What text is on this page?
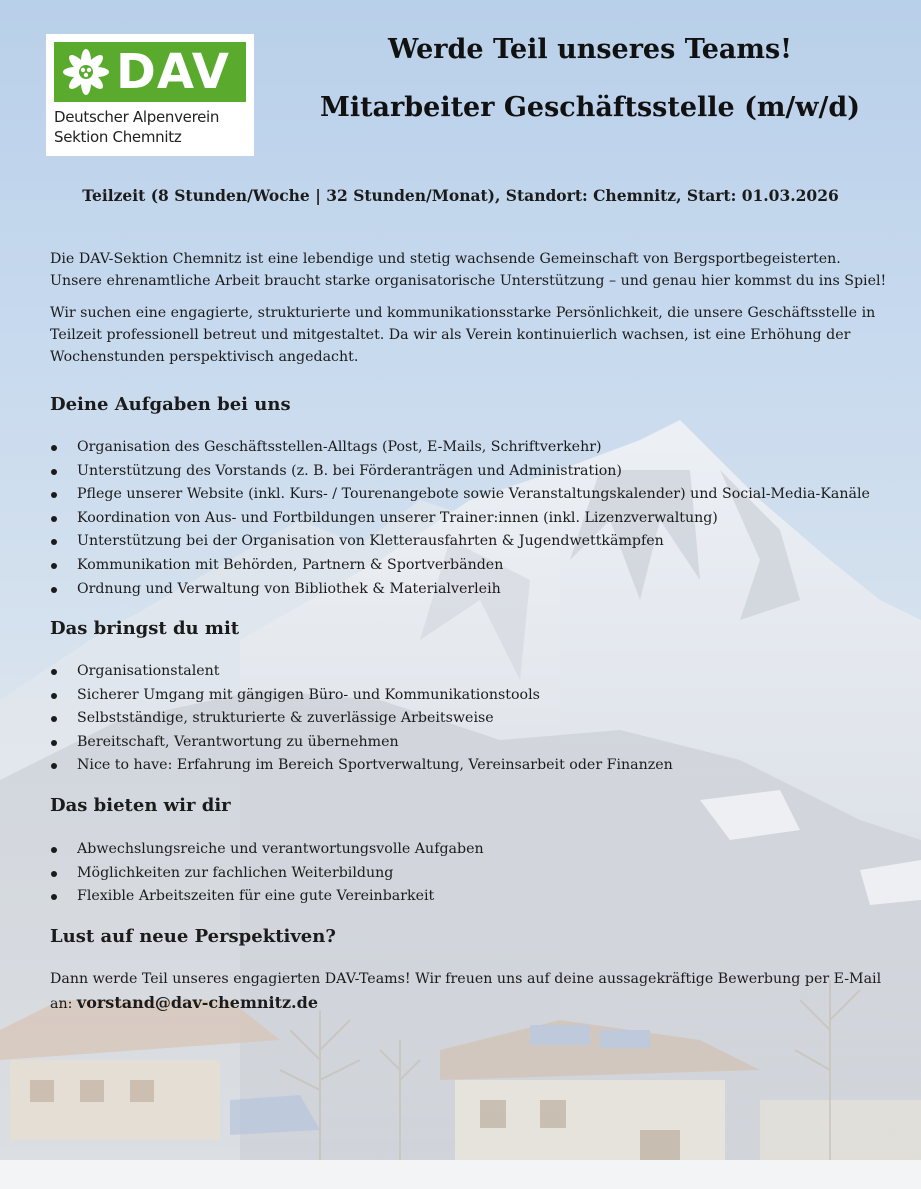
DAV
Deutscher Alpenverein
Sektion Chemnitz
Werde Teil unseres Teams!
Mitarbeiter Geschäftsstelle (m/w/d)
Teilzeit (8 Stunden/Woche | 32 Stunden/Monat), Standort: Chemnitz, Start: 01.03.2026
Die DAV-Sektion Chemnitz ist eine lebendige und stetig wachsende Gemeinschaft von Bergsportbegeisterten. Unsere ehrenamtliche Arbeit braucht starke organisatorische Unterstützung – und genau hier kommst du ins Spiel!
Wir suchen eine engagierte, strukturierte und kommunikationsstarke Persönlichkeit, die unsere Geschäftsstelle in Teilzeit professionell betreut und mitgestaltet. Da wir als Verein kontinuierlich wachsen, ist eine Erhöhung der Wochenstunden perspektivisch angedacht.
Deine Aufgaben bei uns
Organisation des Geschäftsstellen-Alltags (Post, E-Mails, Schriftverkehr)
Unterstützung des Vorstands (z. B. bei Förderanträgen und Administration)
Pflege unserer Website (inkl. Kurs- / Tourenangebote sowie Veranstaltungskalender) und Social-Media-Kanäle
Koordination von Aus- und Fortbildungen unserer Trainer:innen (inkl. Lizenzverwaltung)
Unterstützung bei der Organisation von Kletterausfahrten & Jugendwettkämpfen
Kommunikation mit Behörden, Partnern & Sportverbänden
Ordnung und Verwaltung von Bibliothek & Materialverleih
Das bringst du mit
Organisationstalent
Sicherer Umgang mit gängigen Büro- und Kommunikationstools
Selbstständige, strukturierte & zuverlässige Arbeitsweise
Bereitschaft, Verantwortung zu übernehmen
Nice to have: Erfahrung im Bereich Sportverwaltung, Vereinsarbeit oder Finanzen
Das bieten wir dir
Abwechslungsreiche und verantwortungsvolle Aufgaben
Möglichkeiten zur fachlichen Weiterbildung
Flexible Arbeitszeiten für eine gute Vereinbarkeit
Lust auf neue Perspektiven?
Dann werde Teil unseres engagierten DAV-Teams! Wir freuen uns auf deine aussagekräftige Bewerbung per E-Mail an: vorstand@dav-chemnitz.de
